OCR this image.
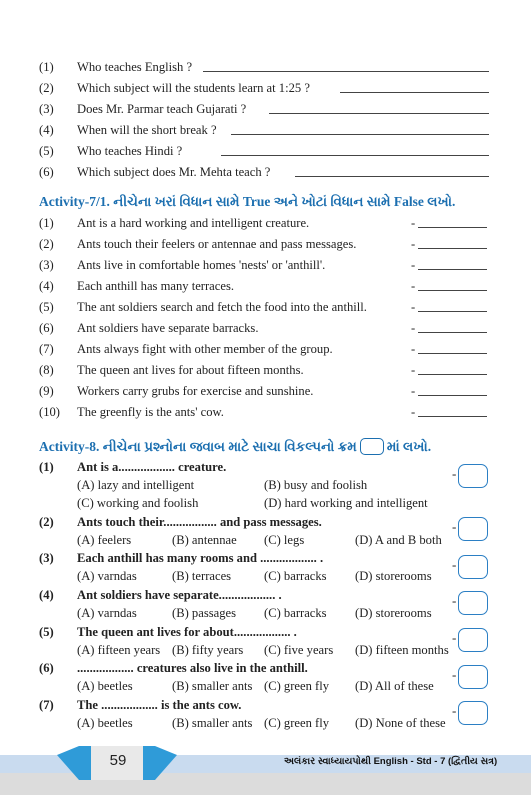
(1) Who teaches English ?
(2) Which subject will the students learn at 1:25 ?
(3) Does Mr. Parmar teach Gujarati ?
(4) When will the short break ?
(5) Who teaches Hindi ?
(6) Which subject does Mr. Mehta teach ?
Activity-7/1. નીચેના ખરાં વિધાન સામે True અને ખોટાં વિધાન સામે False લખો.
(1) Ant is a hard working and intelligent creature.	-
(2) Ants touch their feelers or antennae and pass messages.	-
(3) Ants live in comfortable homes 'nests' or 'anthill'.	-
(4) Each anthill has many terraces.	-
(5) The ant soldiers search and fetch the food into the anthill.	-
(6) Ant soldiers have separate barracks.	-
(7) Ants always fight with other member of the group.	-
(8) The queen ant lives for about fifteen months.	-
(9) Workers carry grubs for exercise and sunshine.	-
(10) The greenfly is the ants' cow.	-
Activity-8. નીચેના પ્રશ્નોના જવાબ માટે સાચા વિકલ્પનો ક્રમ માં લખો.
(1) Ant is a.................. creature.
(A) lazy and intelligent	(B) busy and foolish
(C) working and foolish	(D) hard working and intelligent
-
(2) Ants touch their................. and pass messages.
(A) feelers	(B) antennae (C) legs	(D) A and B both
-
(3) Each anthill has many rooms and .................. .
(A) varndas	(B) terraces	(C) barracks (D) storerooms
-
(4) Ant soldiers have separate.................. .
(A) varndas	(B) passages (C) barracks (D) storerooms
-
(5) The queen ant lives for about.................. .
(A) fifteen years (B) fifty years (C) five years (D) fifteen months
-
(6) .................. creatures also live in the anthill.
(A) beetles	(B) smaller ants (C) green fly (D) All of these
-
(7) The .................. is the ants cow.
(A) beetles	(B) smaller ants (C) green fly (D) None of these
-
59	અલંકાર સ્વાધ્યાયપોથી English - Std - 7 (દ્વિતીય સત્ર)
